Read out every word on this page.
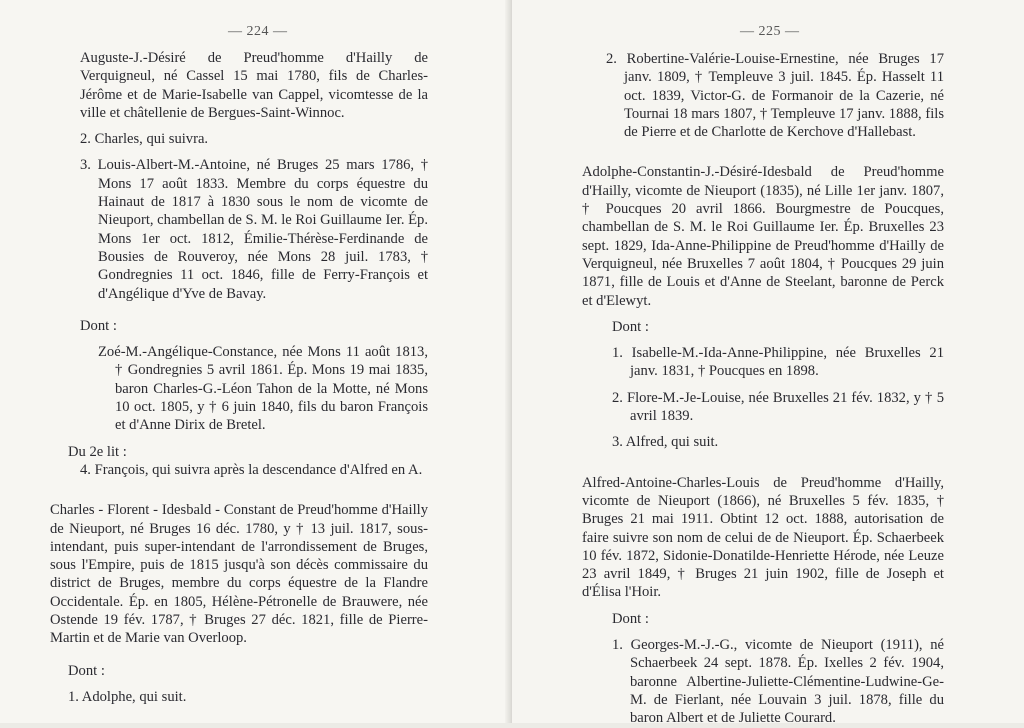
— 224 —

Auguste-J.-Désiré de Preud'homme d'Hailly de Verquigneul, né Cassel 15 mai 1780, fils de Charles-Jérôme et de Marie-Isabelle van Cappel, vicomtesse de la ville et châtellenie de Bergues-Saint-Winnoc.

2. Charles, qui suivra.

3. Louis-Albert-M.-Antoine, né Bruges 25 mars 1786, † Mons 17 août 1833. Membre du corps équestre du Hainaut de 1817 à 1830 sous le nom de vicomte de Nieuport, chambellan de S. M. le Roi Guillaume Ier. Ép. Mons 1er oct. 1812, Émilie-Thérèse-Ferdinande de Bousies de Rouveroy, née Mons 28 juil. 1783, † Gondregnies 11 oct. 1846, fille de Ferry-François et d'Angélique d'Yve de Bavay.

Dont :

Zoé-M.-Angélique-Constance, née Mons 11 août 1813, † Gondregnies 5 avril 1861. Ép. Mons 19 mai 1835, baron Charles-G.-Léon Tahon de la Motte, né Mons 10 oct. 1805, y † 6 juin 1840, fils du baron François et d'Anne Dirix de Bretel.

Du 2e lit :

4. François, qui suivra après la descendance d'Alfred en A.

Charles - Florent - Idesbald - Constant de Preud'homme d'Hailly de Nieuport, né Bruges 16 déc. 1780, y † 13 juil. 1817, sous-intendant, puis super-intendant de l'arrondissement de Bruges, sous l'Empire, puis de 1815 jusqu'à son décès commissaire du district de Bruges, membre du corps équestre de la Flandre Occidentale. Ép. en 1805, Hélène-Pétronelle de Brauwere, née Ostende 19 fév. 1787, † Bruges 27 déc. 1821, fille de Pierre-Martin et de Marie van Overloop.

Dont :

1. Adolphe, qui suit.

— 225 —

2. Robertine-Valérie-Louise-Ernestine, née Bruges 17 janv. 1809, † Templeuve 3 juil. 1845. Ép. Hasselt 11 oct. 1839, Victor-G. de Formanoir de la Cazerie, né Tournai 18 mars 1807, † Templeuve 17 janv. 1888, fils de Pierre et de Charlotte de Kerchove d'Hallebast.

Adolphe-Constantin-J.-Désiré-Idesbald de Preud'homme d'Hailly, vicomte de Nieuport (1835), né Lille 1er janv. 1807, † Poucques 20 avril 1866. Bourgmestre de Poucques, chambellan de S. M. le Roi Guillaume Ier. Ép. Bruxelles 23 sept. 1829, Ida-Anne-Philippine de Preud'homme d'Hailly de Verquigneul, née Bruxelles 7 août 1804, † Poucques 29 juin 1871, fille de Louis et d'Anne de Steelant, baronne de Perck et d'Elewyt.

Dont :

1. Isabelle-M.-Ida-Anne-Philippine, née Bruxelles 21 janv. 1831, † Poucques en 1898.

2. Flore-M.-Je-Louise, née Bruxelles 21 fév. 1832, y † 5 avril 1839.

3. Alfred, qui suit.

Alfred-Antoine-Charles-Louis de Preud'homme d'Hailly, vicomte de Nieuport (1866), né Bruxelles 5 fév. 1835, † Bruges 21 mai 1911. Obtint 12 oct. 1888, autorisation de faire suivre son nom de celui de de Nieuport. Ép. Schaerbeek 10 fév. 1872, Sidonie-Donatilde-Henriette Hérode, née Leuze 23 avril 1849, † Bruges 21 juin 1902, fille de Joseph et d'Élisa l'Hoir.

Dont :

1. Georges-M.-J.-G., vicomte de Nieuport (1911), né Schaerbeek 24 sept. 1878. Ép. Ixelles 2 fév. 1904, baronne Albertine-Juliette-Clémentine-Ludwine-Ge-M. de Fierlant, née Louvain 3 juil. 1878, fille du baron Albert et de Juliette Courard.
